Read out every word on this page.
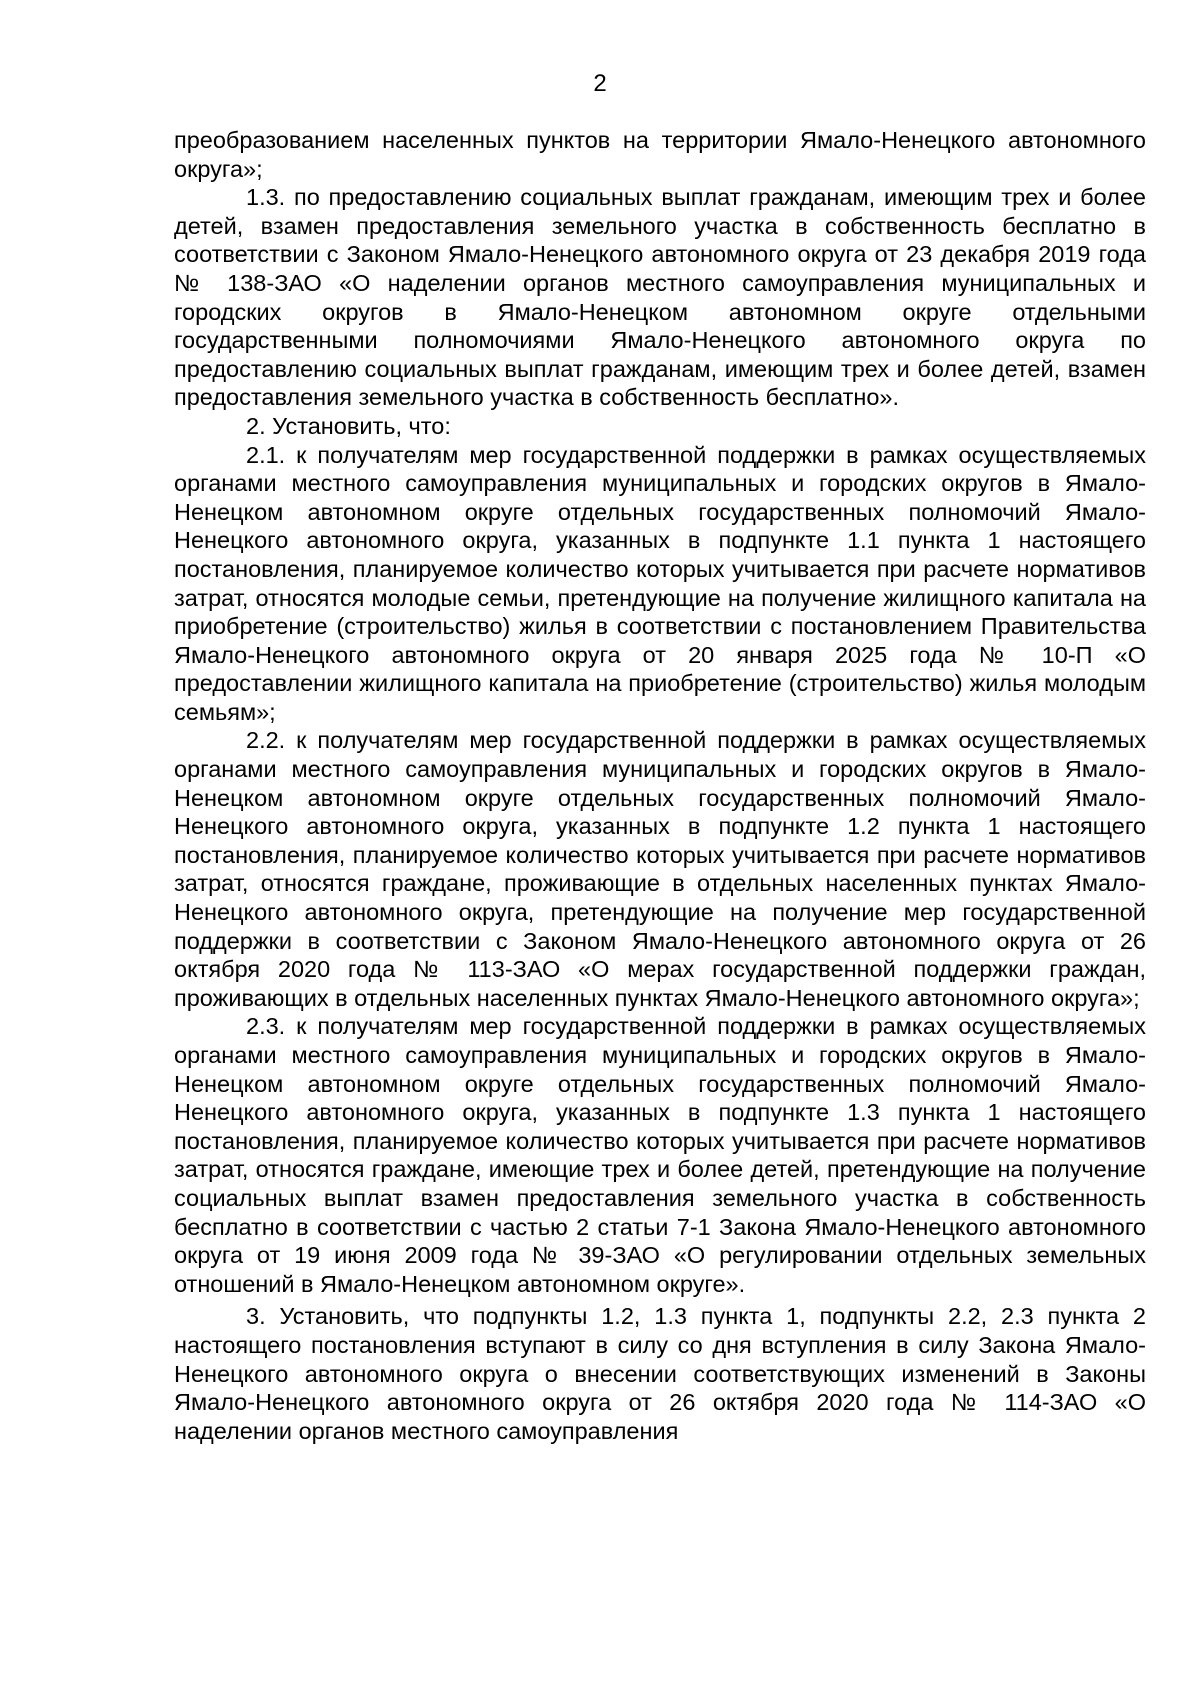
2

преобразованием населенных пунктов на территории Ямало-Ненецкого автономного округа»;

1.3. по предоставлению социальных выплат гражданам, имеющим трех и более детей, взамен предоставления земельного участка в собственность бесплатно в соответствии с Законом Ямало-Ненецкого автономного округа от 23 декабря 2019 года № 138-ЗАО «О наделении органов местного самоуправления муниципальных и городских округов в Ямало-Ненецком автономном округе отдельными государственными полномочиями Ямало-Ненецкого автономного округа по предоставлению социальных выплат гражданам, имеющим трех и более детей, взамен предоставления земельного участка в собственность бесплатно».

2. Установить, что:

2.1. к получателям мер государственной поддержки в рамках осуществляемых органами местного самоуправления муниципальных и городских округов в Ямало-Ненецком автономном округе отдельных государственных полномочий Ямало-Ненецкого автономного округа, указанных в подпункте 1.1 пункта 1 настоящего постановления, планируемое количество которых учитывается при расчете нормативов затрат, относятся молодые семьи, претендующие на получение жилищного капитала на приобретение (строительство) жилья в соответствии с постановлением Правительства Ямало-Ненецкого автономного округа от 20 января 2025 года № 10-П «О предоставлении жилищного капитала на приобретение (строительство) жилья молодым семьям»;

2.2. к получателям мер государственной поддержки в рамках осуществляемых органами местного самоуправления муниципальных и городских округов в Ямало-Ненецком автономном округе отдельных государственных полномочий Ямало-Ненецкого автономного округа, указанных в подпункте 1.2 пункта 1 настоящего постановления, планируемое количество которых учитывается при расчете нормативов затрат, относятся граждане, проживающие в отдельных населенных пунктах Ямало-Ненецкого автономного округа, претендующие на получение мер государственной поддержки в соответствии с Законом Ямало-Ненецкого автономного округа от 26 октября 2020 года № 113-ЗАО «О мерах государственной поддержки граждан, проживающих в отдельных населенных пунктах Ямало-Ненецкого автономного округа»;

2.3. к получателям мер государственной поддержки в рамках осуществляемых органами местного самоуправления муниципальных и городских округов в Ямало-Ненецком автономном округе отдельных государственных полномочий Ямало-Ненецкого автономного округа, указанных в подпункте 1.3 пункта 1 настоящего постановления, планируемое количество которых учитывается при расчете нормативов затрат, относятся граждане, имеющие трех и более детей, претендующие на получение социальных выплат взамен предоставления земельного участка в собственность бесплатно в соответствии с частью 2 статьи 7-1 Закона Ямало-Ненецкого автономного округа от 19 июня 2009 года № 39-ЗАО «О регулировании отдельных земельных отношений в Ямало-Ненецком автономном округе».

3. Установить, что подпункты 1.2, 1.3 пункта 1, подпункты 2.2, 2.3 пункта 2 настоящего постановления вступают в силу со дня вступления в силу Закона Ямало-Ненецкого автономного округа о внесении соответствующих изменений в Законы Ямало-Ненецкого автономного округа от 26 октября 2020 года № 114-ЗАО «О наделении органов местного самоуправления
